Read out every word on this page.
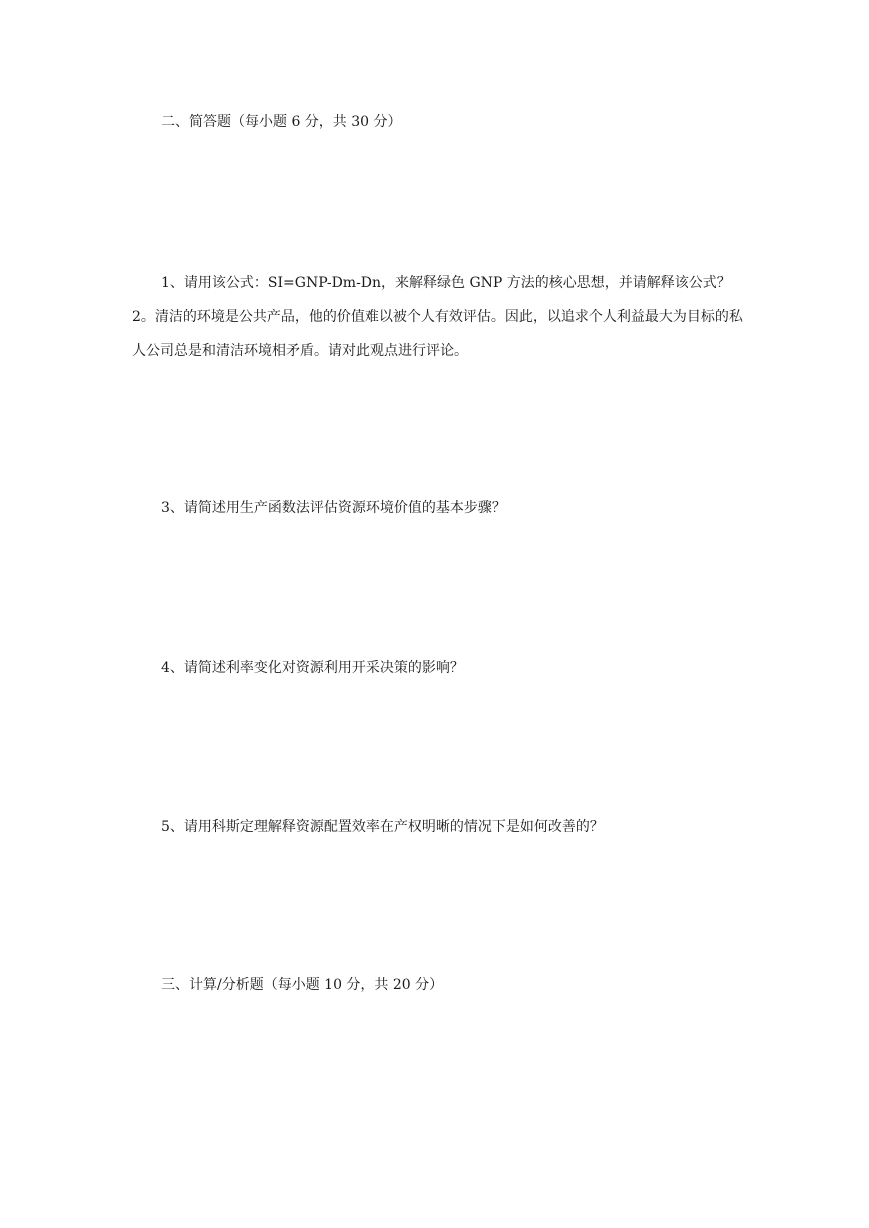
二、简答题（每小题 6 分，共 30 分）
1、请用该公式：SI=GNP-Dm-Dn，来解释绿色 GNP 方法的核心思想，并请解释该公式？2。清洁的环境是公共产品，他的价值难以被个人有效评估。因此，以追求个人利益最大为目标的私人公司总是和清洁环境相矛盾。请对此观点进行评论。
3、请简述用生产函数法评估资源环境价值的基本步骤？
4、请简述利率变化对资源利用开采决策的影响？
5、请用科斯定理解释资源配置效率在产权明晰的情况下是如何改善的？
三、计算/分析题（每小题 10 分，共 20 分）
